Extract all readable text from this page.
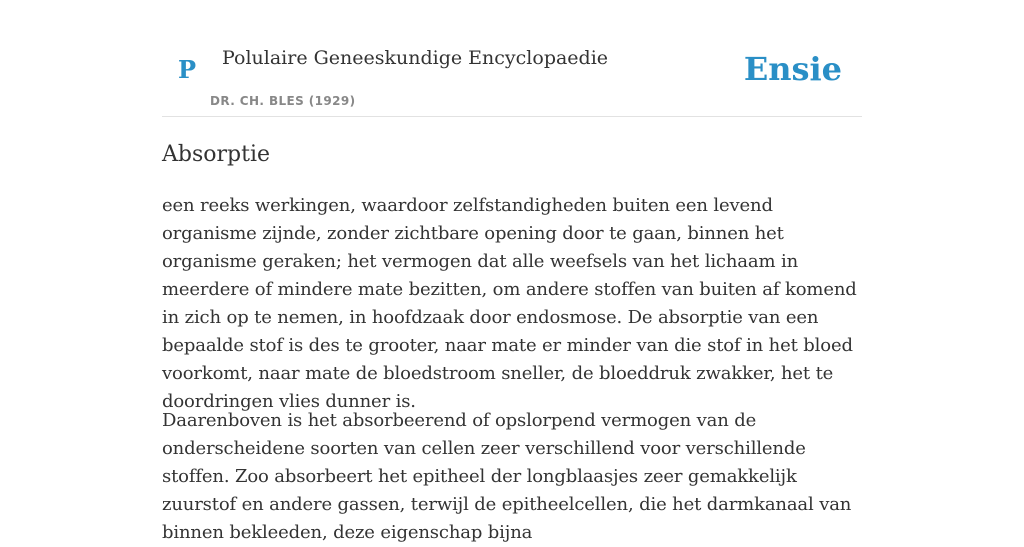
P Polulaire Geneeskundige Encyclopaedie
DR. CH. BLES (1929)
Ensie
Absorptie

een reeks werkingen, waardoor zelfstandigheden buiten een levend organisme zijnde, zonder zichtbare opening door te gaan, binnen het organisme geraken; het vermogen dat alle weefsels van het lichaam in meerdere of mindere mate bezitten, om andere stoffen van buiten af komend in zich op te nemen, in hoofdzaak door endosmose. De absorptie van een bepaalde stof is des te grooter, naar mate er minder van die stof in het bloed voorkomt, naar mate de bloedstroom sneller, de bloeddruk zwakker, het te doordringen vlies dunner is.

Daarenboven is het absorbeerend of opslorpend vermogen van de onderscheidene soorten van cellen zeer verschillend voor verschillende stoffen. Zoo absorbeert het epitheel der longblaasjes zeer gemakkelijk zuurstof en andere gassen, terwijl de epitheelcellen, die het darmkanaal van binnen bekleeden, deze eigenschap bijna
